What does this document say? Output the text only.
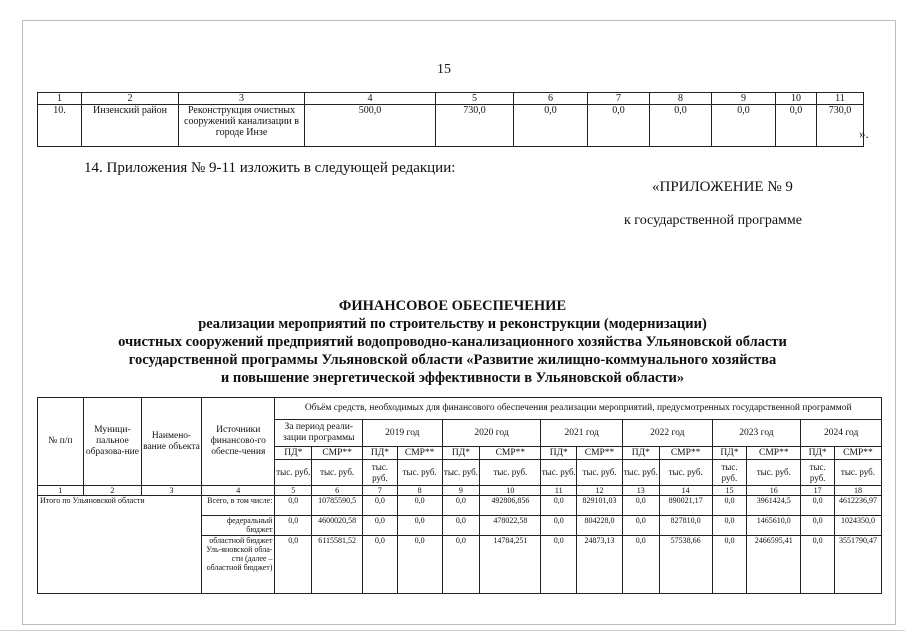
15
1	2	3	4	5	6	7	8	9	10	11
10.	Инзенский район	Реконструкция очистных сооружений канализации в городе Инзе	500,0	730,0	0,0	0,0	0,0	0,0	0,0	730,0
».
14. Приложения № 9-11 изложить в следующей редакции:
«ПРИЛОЖЕНИЕ № 9
к государственной программе
ФИНАНСОВОЕ ОБЕСПЕЧЕНИЕ
реализации мероприятий по строительству и реконструкции (модернизации)
очистных сооружений предприятий водопроводно-канализационного хозяйства Ульяновской области
государственной программы Ульяновской области «Развитие жилищно-коммунального хозяйства
и повышение энергетической эффективности в Ульяновской области»
№ п/п	Муници-пальное образова-ние	Наимено-вание объекта	Источники финансово-го обеспе-чения	Объём средств, необходимых для финансового обеспечения реализации мероприятий, предусмотренных государственной программой													
				За период реали-зации программы		2019 год		2020 год		2021 год		2022 год		2023 год		2024 год	
				ПД*	СМР**	ПД*	СМР**	ПД*	СМР**	ПД*	СМР**	ПД*	СМР**	ПД*	СМР**	ПД*	СМР**
				тыс. руб.	тыс. руб.	тыс. руб.	тыс. руб.	тыс. руб.	тыс. руб.	тыс. руб.	тыс. руб.	тыс. руб.	тыс. руб.	тыс. руб.	тыс. руб.	тыс. руб.	тыс. руб.
1	2	3	4	5	6	7	8	9	10	11	12	13	14	15	16	17	18
Итого по Ульяновской области			Всего, в том числе:	0,0	10785590,5	0,0	0,0	0,0	492806,856	0,0	829101,03	0,0	890021,17	0,0	3961424,5	0,0	4612236,97
			федеральный бюджет	0,0	4600020,58	0,0	0,0	0,0	478022,58	0,0	804228,0	0,0	827810,0	0,0	1465610,0	0,0	1024350,0
			областной бюджет Уль-яновской обла-сти (далее – областной бюджет)	0,0	6115581,52	0,0	0,0	0,0	14784,251	0,0	24873,13	0,0	57538,66	0,0	2466595,41	0,0	3551790,47
